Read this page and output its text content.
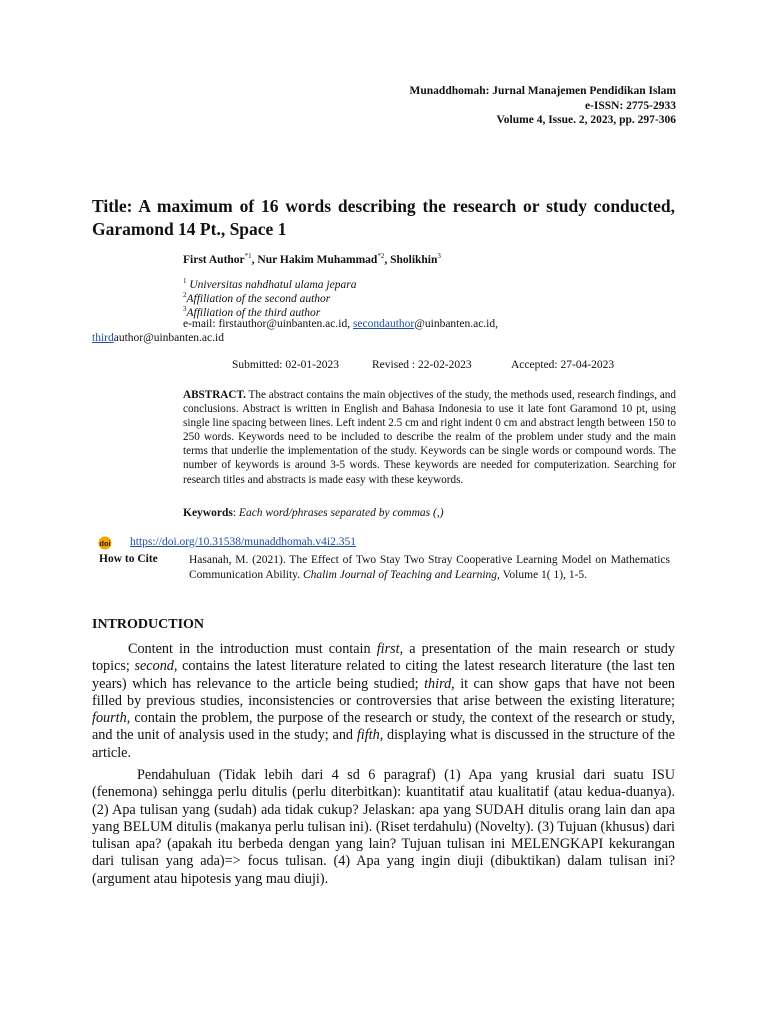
Munaddhomah: Jurnal Manajemen Pendidikan Islam
e-ISSN: 2775-2933
Volume 4, Issue. 2, 2023, pp. 297-306
Title: A maximum of 16 words describing the research or study conducted, Garamond 14 Pt., Space 1
First Author$^{*1}$, Nur Hakim Muhammad$^{*2}$, Sholikhin$^3$
$^1$ Universitas nahdhatul ulama jepara
$^2$Affiliation of the second author
$^3$Affiliation of the third author
e-mail: firstauthor@uinbanten.ac.id, secondauthor@uinbanten.ac.id,
thirdauthor@uinbanten.ac.id
Submitted: 02-01-2023	Revised : 22-02-2023	Accepted: 27-04-2023
ABSTRACT. The abstract contains the main objectives of the study, the methods used, research findings, and conclusions. Abstract is written in English and Bahasa Indonesia to use it late font Garamond 10 pt, using single line spacing between lines. Left indent 2.5 cm and right indent 0 cm and abstract length between 150 to 250 words. Keywords need to be included to describe the realm of the problem under study and the main terms that underlie the implementation of the study. Keywords can be single words or compound words. The number of keywords is around 3-5 words. These keywords are needed for computerization. Searching for research titles and abstracts is made easy with these keywords.
Keywords: Each word/phrases separated by commas (,)
doi https://doi.org/10.31538/munaddhomah.v4i2.351
How to Cite	Hasanah, M. (2021). The Effect of Two Stay Two Stray Cooperative Learning Model on Mathematics Communication Ability. Chalim Journal of Teaching and Learning, Volume 1( 1), 1-5.
INTRODUCTION
Content in the introduction must contain first, a presentation of the main research or study topics; second, contains the latest literature related to citing the latest research literature (the last ten years) which has relevance to the article being studied; third, it can show gaps that have not been filled by previous studies, inconsistencies or controversies that arise between the existing literature; fourth, contain the problem, the purpose of the research or study, the context of the research or study, and the unit of analysis used in the study; and fifth, displaying what is discussed in the structure of the article.
Pendahuluan (Tidak lebih dari 4 sd 6 paragraf) (1) Apa yang krusial dari suatu ISU (fenemona) sehingga perlu ditulis (perlu diterbitkan): kuantitatif atau kualitatif (atau kedua-duanya). (2) Apa tulisan yang (sudah) ada tidak cukup? Jelaskan: apa yang SUDAH ditulis orang lain dan apa yang BELUM ditulis (makanya perlu tulisan ini). (Riset terdahulu) (Novelty). (3) Tujuan (khusus) dari tulisan apa? (apakah itu berbeda dengan yang lain? Tujuan tulisan ini MELENGKAPI kekurangan dari tulisan yang ada)=> focus tulisan. (4) Apa yang ingin diuji (dibuktikan) dalam tulisan ini? (argument atau hipotesis yang mau diuji).
